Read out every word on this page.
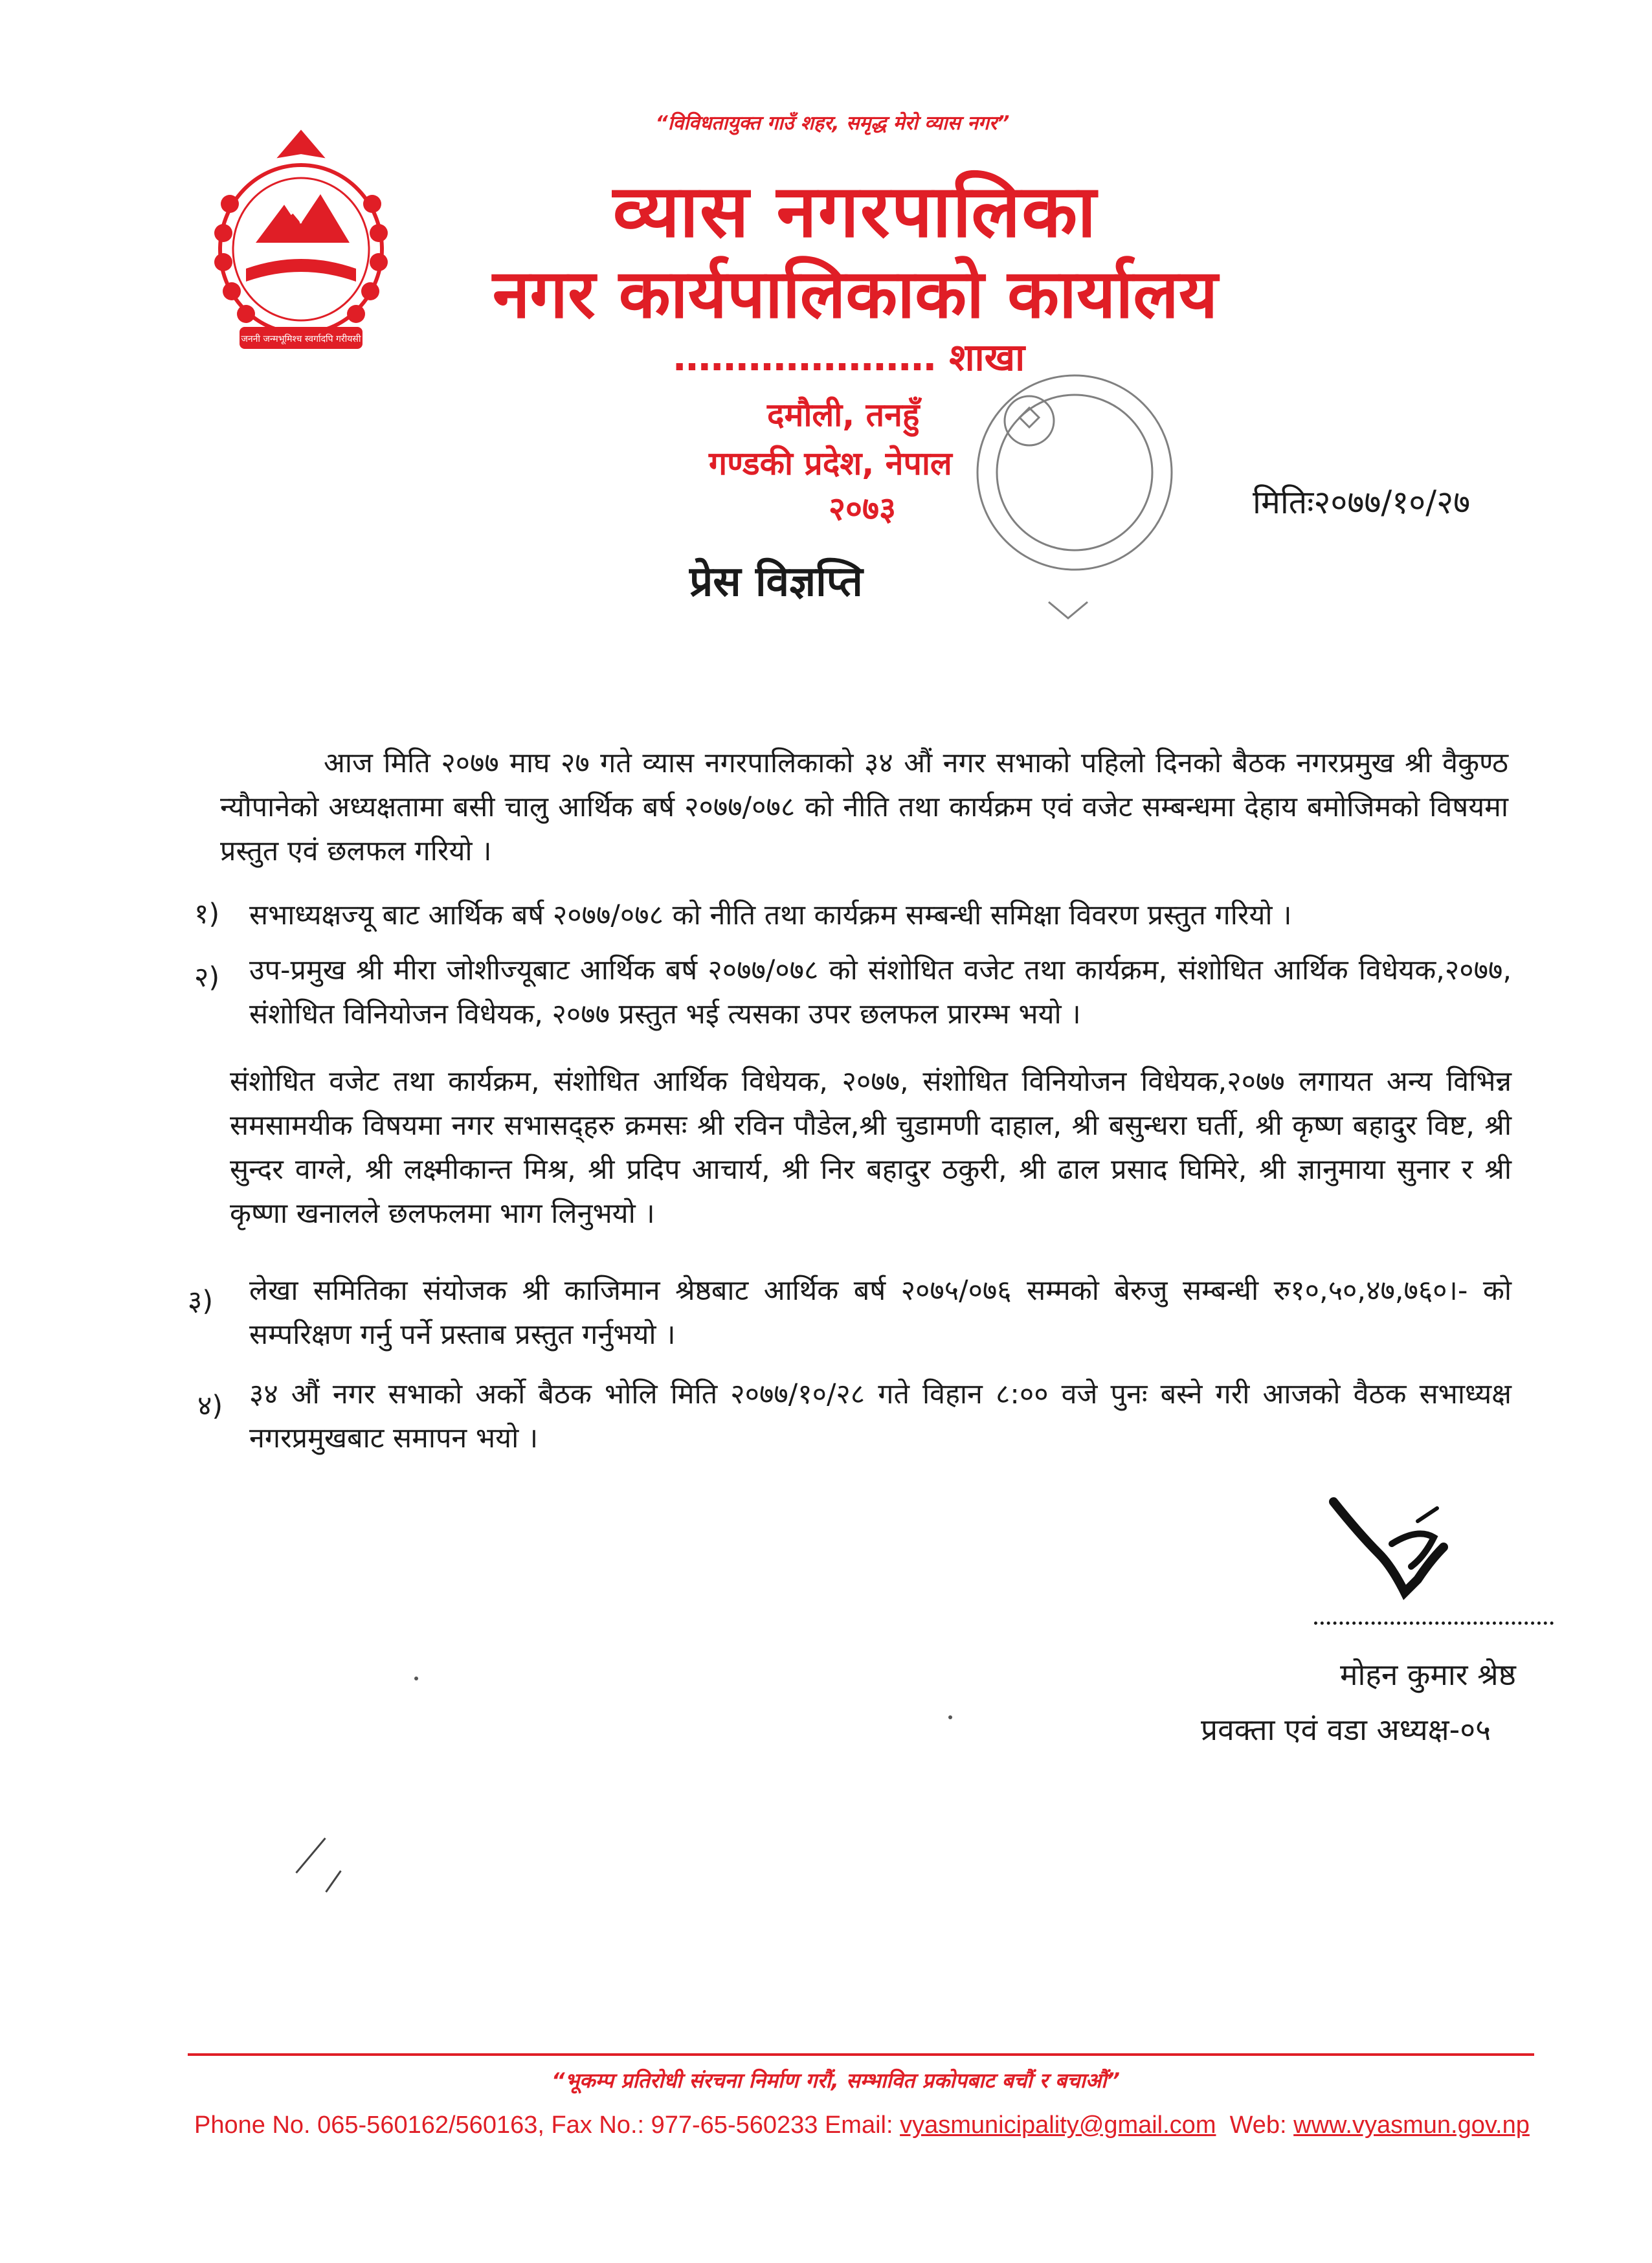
जननी जन्मभूमिश्च स्वर्गादपि गरीयसी
“विविधतायुक्त गाउँ शहर, समृद्ध मेरो व्यास नगर”
व्यास नगरपालिका
नगर कार्यपालिकाको कार्यालय
………………… शाखा
दमौली, तनहुँ
गण्डकी प्रदेश, नेपाल
२०७३	मितिः२०७७/१०/२७
प्रेस विज्ञप्ति
आज मिति २०७७ माघ २७ गते व्यास नगरपालिकाको ३४ औं नगर सभाको पहिलो दिनको बैठक नगरप्रमुख श्री वैकुण्ठ न्यौपानेको अध्यक्षतामा बसी चालु आर्थिक बर्ष २०७७/०७८ को नीति तथा कार्यक्रम एवं वजेट सम्बन्धमा देहाय बमोजिमको विषयमा प्रस्तुत एवं छलफल गरियो ।
१) सभाध्यक्षज्यू बाट आर्थिक बर्ष २०७७/०७८ को नीति तथा कार्यक्रम सम्बन्धी समिक्षा विवरण प्रस्तुत गरियो ।
२) उप-प्रमुख श्री मीरा जोशीज्यूबाट आर्थिक बर्ष २०७७/०७८ को संशोधित वजेट तथा कार्यक्रम, संशोधित आर्थिक विधेयक,२०७७, संशोधित विनियोजन विधेयक, २०७७ प्रस्तुत भई त्यसका उपर छलफल प्रारम्भ भयो ।
संशोधित वजेट तथा कार्यक्रम, संशोधित आर्थिक विधेयक, २०७७, संशोधित विनियोजन विधेयक,२०७७ लगायत अन्य विभिन्न समसामयीक विषयमा नगर सभासद्हरु क्रमसः श्री रविन पौडेल,श्री चुडामणी दाहाल, श्री बसुन्धरा घर्ती, श्री कृष्ण बहादुर विष्ट, श्री सुन्दर वाग्ले, श्री लक्ष्मीकान्त मिश्र, श्री प्रदिप आचार्य, श्री निर बहादुर ठकुरी, श्री ढाल प्रसाद घिमिरे, श्री ज्ञानुमाया सुनार र श्री कृष्णा खनालले छलफलमा भाग लिनुभयो ।
३) लेखा समितिका संयोजक श्री काजिमान श्रेष्ठबाट आर्थिक बर्ष २०७५/०७६ सम्मको बेरुजु सम्बन्धी रु१०,५०,४७,७६०।- को सम्परिक्षण गर्नु पर्ने प्रस्ताब प्रस्तुत गर्नुभयो ।
४) ३४ औं नगर सभाको अर्को बैठक भोलि मिति २०७७/१०/२८ गते विहान ८:०० वजे पुनः बस्ने गरी आजको वैठक सभाध्यक्ष नगरप्रमुखबाट समापन भयो ।
मोहन कुमार श्रेष्ठ
प्रवक्ता एवं वडा अध्यक्ष-०५
“भूकम्प प्रतिरोधी संरचना निर्माण गरौं, सम्भावित प्रकोपबाट बचौं र बचाऔं”
Phone No. 065-560162/560163, Fax No.: 977-65-560233 Email: vyasmunicipality@gmail.com  Web: www.vyasmun.gov.np
